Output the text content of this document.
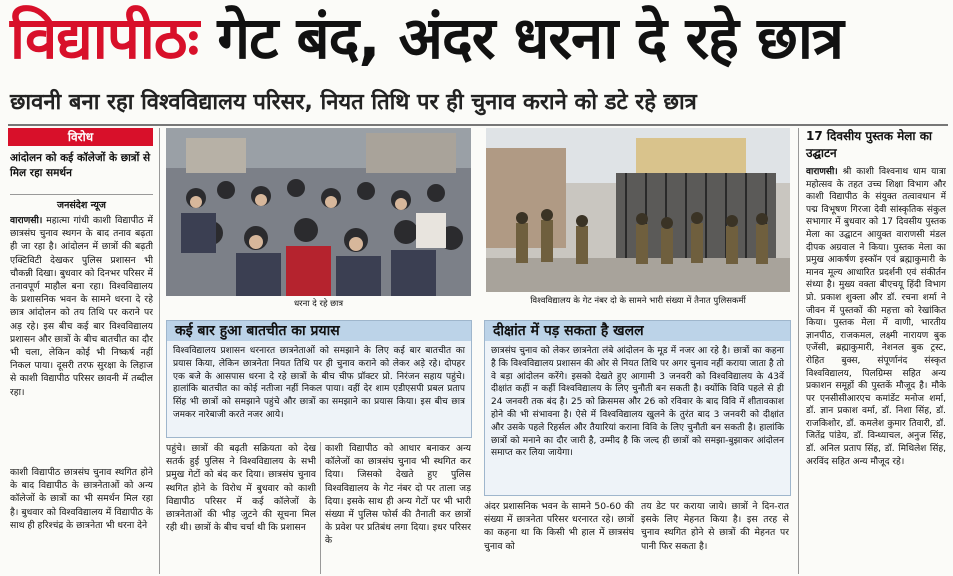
विद्यापीठः गेट बंद, अंदर धरना दे रहे छात्र
छावनी बना रहा विश्वविद्यालय परिसर, नियत तिथि पर ही चुनाव कराने को डटे रहे छात्र
विरोध
आंदोलन को कई कॉलेजों के छात्रों से मिल रहा समर्थन
जनसंदेश न्यूज
वाराणसी। महात्मा गांधी काशी विद्यापीठ में छात्रसंघ चुनाव स्थगन के बाद तनाव बढ़ता ही जा रहा है। आंदोलन में छात्रों की बढ़ती एक्टिविटी देखकर पुलिस प्रशासन भी चौकन्नी दिखा। बुधवार को दिनभर परिसर में तनावपूर्ण माहौल बना रहा। विश्वविद्यालय के प्रशासनिक भवन के सामने धरना दे रहे छात्र आंदोलन को तय तिथि पर कराने पर अड़ रहे। इस बीच कई बार विश्वविद्यालय प्रशासन और छात्रों के बीच बातचीत का दौर भी चला, लेकिन कोई भी निष्कर्ष नहीं निकल पाया। दूसरी तरफ सुरक्षा के लिहाज से काशी विद्यापीठ परिसर छावनी में तब्दील रहा।
काशी विद्यापीठ छात्रसंघ चुनाव स्थगित होने के बाद विद्यापीठ के छात्रनेताओं को अन्य कॉलेजों के छात्रों का भी समर्थन मिल रहा है। बुधवार को विश्वविद्यालय में विद्यापीठ के साथ ही हरिश्चंद्र के छात्रनेता भी धरना देने
धरना दे रहे छात्र	विश्वविद्यालय के गेट नंबर दो के सामने भारी संख्या में तैनात पुलिसकर्मी
कई बार हुआ बातचीत का प्रयास
विश्वविद्यालय प्रशासन धरनारत छात्रनेताओं को समझाने के लिए कई बार बातचीत का प्रयास किया, लेकिन छात्रनेता नियत तिथि पर ही चुनाव कराने को लेकर अड़े रहे। दोपहर एक बजे के आसपास धरना दे रहे छात्रों के बीच चीफ प्रॉक्टर प्रो. निरंजन सहाय पहुंचे। हालांकि बातचीत का कोई नतीजा नहीं निकल पाया। वहीं देर शाम एडीएसपी प्रबल प्रताप सिंह भी छात्रों को समझाने पहुंचे और छात्रों का समझाने का प्रयास किया। इस बीच छात्र जमकर नारेबाजी करते नजर आये।
दीक्षांत में पड़ सकता है खलल
छात्रसंघ चुनाव को लेकर छात्रनेता लंबे आंदोलन के मूड में नजर आ रहे है। छात्रों का कहना है कि विश्वविद्यालय प्रशासन की ओर से नियत तिथि पर अगर चुनाव नहीं कराया जाता है तो वे बड़ा आंदोलन करेंगे। इसको देखते हुए आगामी 3 जनवरी को विश्वविद्यालय के 43वें दीक्षांत कहीं न कहीं विश्वविद्यालय के लिए चुनौती बन सकती है। क्योंकि विवि पहले से ही 24 जनवरी तक बंद है। 25 को क्रिसमस और 26 को रविवार के बाद विवि में शीतावकाश होने की भी संभावना है। ऐसे में विश्वविद्यालय खुलने के तुरंत बाद 3 जनवरी को दीक्षांत और उसके पहले रिहर्सल और तैयारियां कराना विवि के लिए चुनौती बन सकती है। हालांकि छात्रों को मनाने का दौर जारी है, उम्मीद है कि जल्द ही छात्रों को समझा-बुझाकर आंदोलन समाप्त कर लिया जायेगा।
पहुंचे। छात्रों की बढ़ती सक्रियता को देख सतर्क हुई पुलिस ने विश्वविद्यालय के सभी प्रमुख गेटों को बंद कर दिया। छात्रसंघ चुनाव स्थगित होने के विरोध में बुधवार को काशी विद्यापीठ परिसर में कई कॉलेजों के छात्रनेताओं की भीड़ जुटने की सूचना मिल रही थी। छात्रों के बीच चर्चा थी कि प्रशासन
काशी विद्यापीठ को आधार बनाकर अन्य कॉलेजों का छात्रसंघ चुनाव भी स्थगित कर दिया। जिसको देखते हुए पुलिस विश्वविद्यालय के गेट नंबर दो पर ताला जड़ दिया। इसके साथ ही अन्य गेटों पर भी भारी संख्या में पुलिस फोर्स की तैनाती कर छात्रों के प्रवेश पर प्रतिबंध लगा दिया। इधर परिसर के
अंदर प्रशासनिक भवन के सामने 50-60 की संख्या में छात्रनेता परिसर धरनारत रहे। छात्रों का कहना था कि किसी भी हाल में छात्रसंघ चुनाव को
तय डेट पर कराया जाये। छात्रों ने दिन-रात इसके लिए मेहनत किया है। इस तरह से चुनाव स्थगित होने से छात्रों की मेहनत पर पानी फिर सकता है।
17 दिवसीय पुस्तक मेला का उद्घाटन
वाराणसी। श्री काशी विश्वनाथ धाम यात्रा महोत्सव के तहत उच्च शिक्षा विभाग और काशी विद्यापीठ के संयुक्त तत्वावधान में पद्म विभूषण गिरजा देवी सांस्कृतिक संकुल सभागार में बुधवार को 17 दिवसीय पुस्तक मेला का उद्घाटन आयुक्त वाराणसी मंडल दीपक अग्रवाल ने किया। पुस्तक मेला का प्रमुख आकर्षण इस्कॉन एवं ब्रह्माकुमारी के मानव मूल्य आधारित प्रदर्शनी एवं संकीर्तन संध्या है। मुख्य वक्ता बीएचयू हिंदी विभाग प्रो. प्रकाश शुक्ला और डॉ. रचना शर्मा ने जीवन में पुस्तकों की महत्ता को रेखांकित किया। पुस्तक मेला में वाणी, भारतीय ज्ञानपीठ, राजकमल, लक्ष्मी नारायण बुक एजेंसी, ब्रह्माकुमारी, नेशनल बुक ट्रस्ट, रोहित बुक्स, संपूर्णानंद संस्कृत विश्वविद्यालय, पिलग्रिम्स सहित अन्य प्रकाशन समूहों की पुस्तकें मौजूद है। मौके पर एनसीसीआरएच कमांडेंट मनोज शर्मा, डॉ. ज्ञान प्रकाश वर्मा, डॉ. निशा सिंह, डॉ. राजकिशोर, डॉ. कमलेश कुमार तिवारी, डॉ. जितेंद्र पांडेय, डॉ. विन्ध्याचल, अनुज सिंह, डॉ. अनिल प्रताप सिंह, डॉ. मिथिलेश सिंह, अरविंद सहित अन्य मौजूद रहे।
